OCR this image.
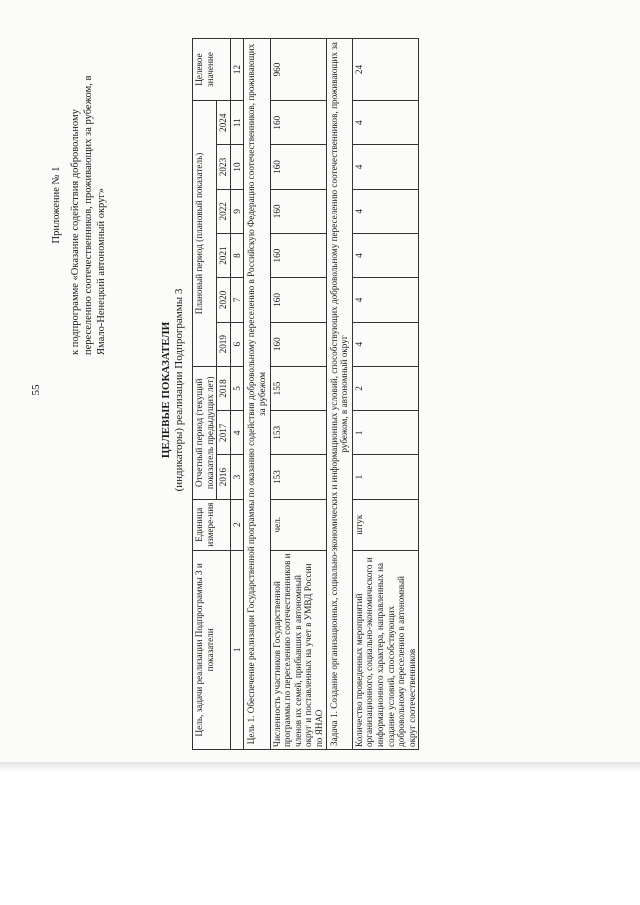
55
Приложение № 1 к подпрограмме «Оказание содействия добровольному переселению соотечественников, проживающих за рубежом, в Ямало-Ненецкий автономный округ»
ЦЕЛЕВЫЕ ПОКАЗАТЕЛИ (индикаторы) реализации Подпрограммы 3
Цель, задачи реализации Подпрограммы 3 и показатели	Единица измере-ния	Отчетный период (текущий показатель предыдущих лет)			Плановый период (плановый показатель)						Целевое значение
		2016	2017	2018	2019	2020	2021	2022	2023	2024	
1	2	3	4	5	6	7	8	9	10	11	12
Цель 1. Обеспечение реализации Государственной программы по оказанию содействия добровольному переселению в Российскую Федерацию соотечественников, проживающих за рубежом											
Численность участников Государственной программы по переселению соотечественников и членов их семей, прибывших в автономный округ и поставленных на учет в УМВД России по ЯНАО	чел.	153	153	155	160	160	160	160	160	160	960
Задача 1. Создание организационных, социально-экономических и информационных условий, способствующих добровольному переселению соотечественников, проживающих за рубежом, в автономный округ											
Количество проведенных мероприятий организационного, социально-экономического и информационного характера, направленных на создание условий, способствующих добровольному переселению в автономный округ соотечественников	штук	1	1	2	4	4	4	4	4	4	24
